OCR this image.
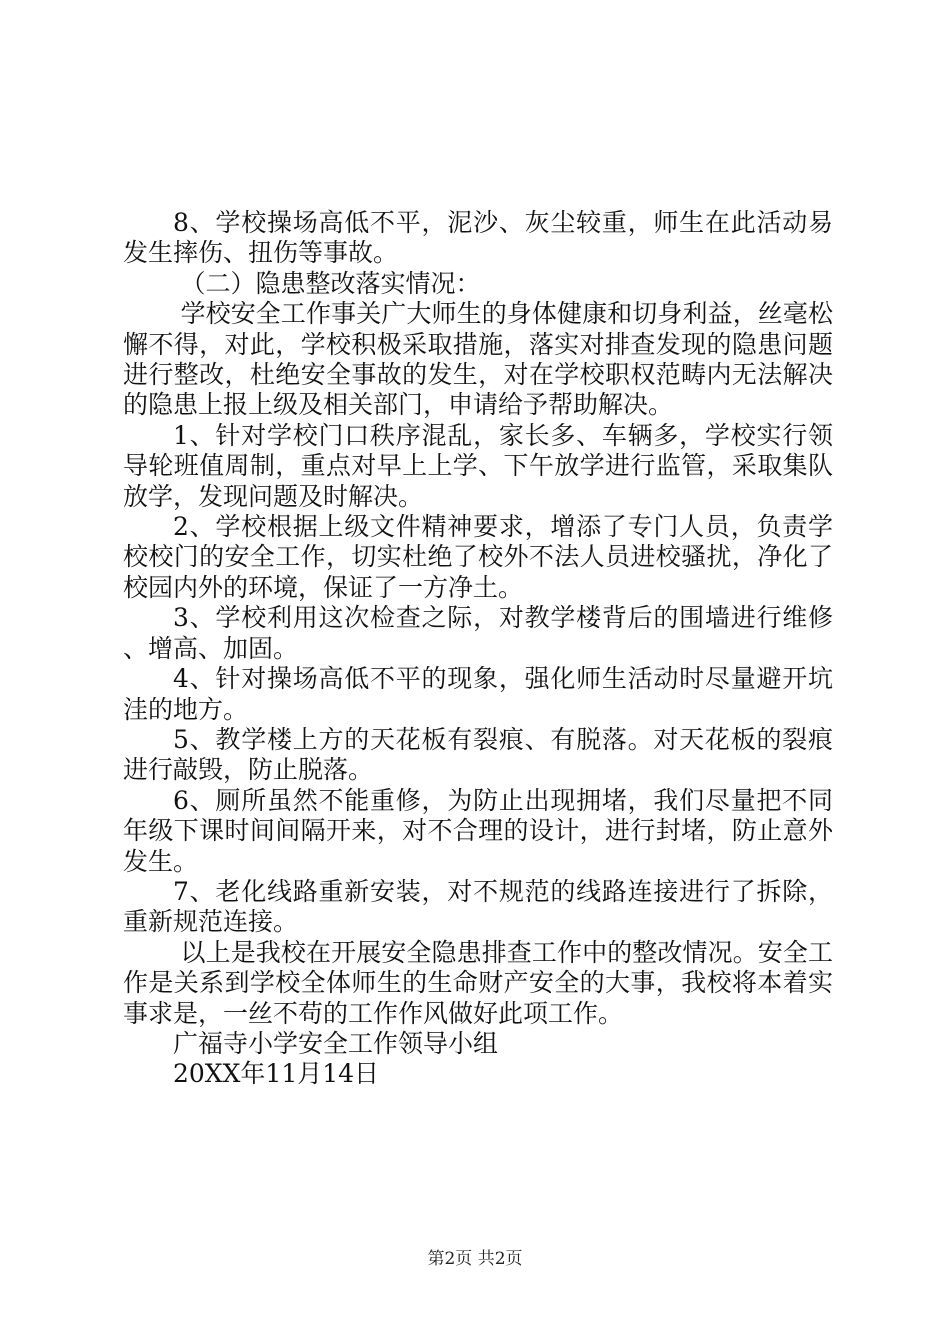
8、学校操场高低不平，泥沙、灰尘较重，师生在此活动易发生摔伤、扭伤等事故。

（二）隐患整改落实情况：

学校安全工作事关广大师生的身体健康和切身利益，丝毫松懈不得，对此，学校积极采取措施，落实对排查发现的隐患问题进行整改，杜绝安全事故的发生，对在学校职权范畴内无法解决的隐患上报上级及相关部门，申请给予帮助解决。

1、针对学校门口秩序混乱，家长多、车辆多，学校实行领导轮班值周制，重点对早上上学、下午放学进行监管，采取集队放学，发现问题及时解决。

2、学校根据上级文件精神要求，增添了专门人员，负责学校校门的安全工作，切实杜绝了校外不法人员进校骚扰，净化了校园内外的环境，保证了一方净土。

3、学校利用这次检查之际，对教学楼背后的围墙进行维修、增高、加固。

4、针对操场高低不平的现象，强化师生活动时尽量避开坑洼的地方。

5、教学楼上方的天花板有裂痕、有脱落。对天花板的裂痕进行敲毁，防止脱落。

6、厕所虽然不能重修，为防止出现拥堵，我们尽量把不同年级下课时间间隔开来，对不合理的设计，进行封堵，防止意外发生。

7、老化线路重新安装，对不规范的线路连接进行了拆除，重新规范连接。

以上是我校在开展安全隐患排查工作中的整改情况。安全工作是关系到学校全体师生的生命财产安全的大事，我校将本着实事求是，一丝不苟的工作作风做好此项工作。

广福寺小学安全工作领导小组

20XX年11月14日

第2页 共2页
